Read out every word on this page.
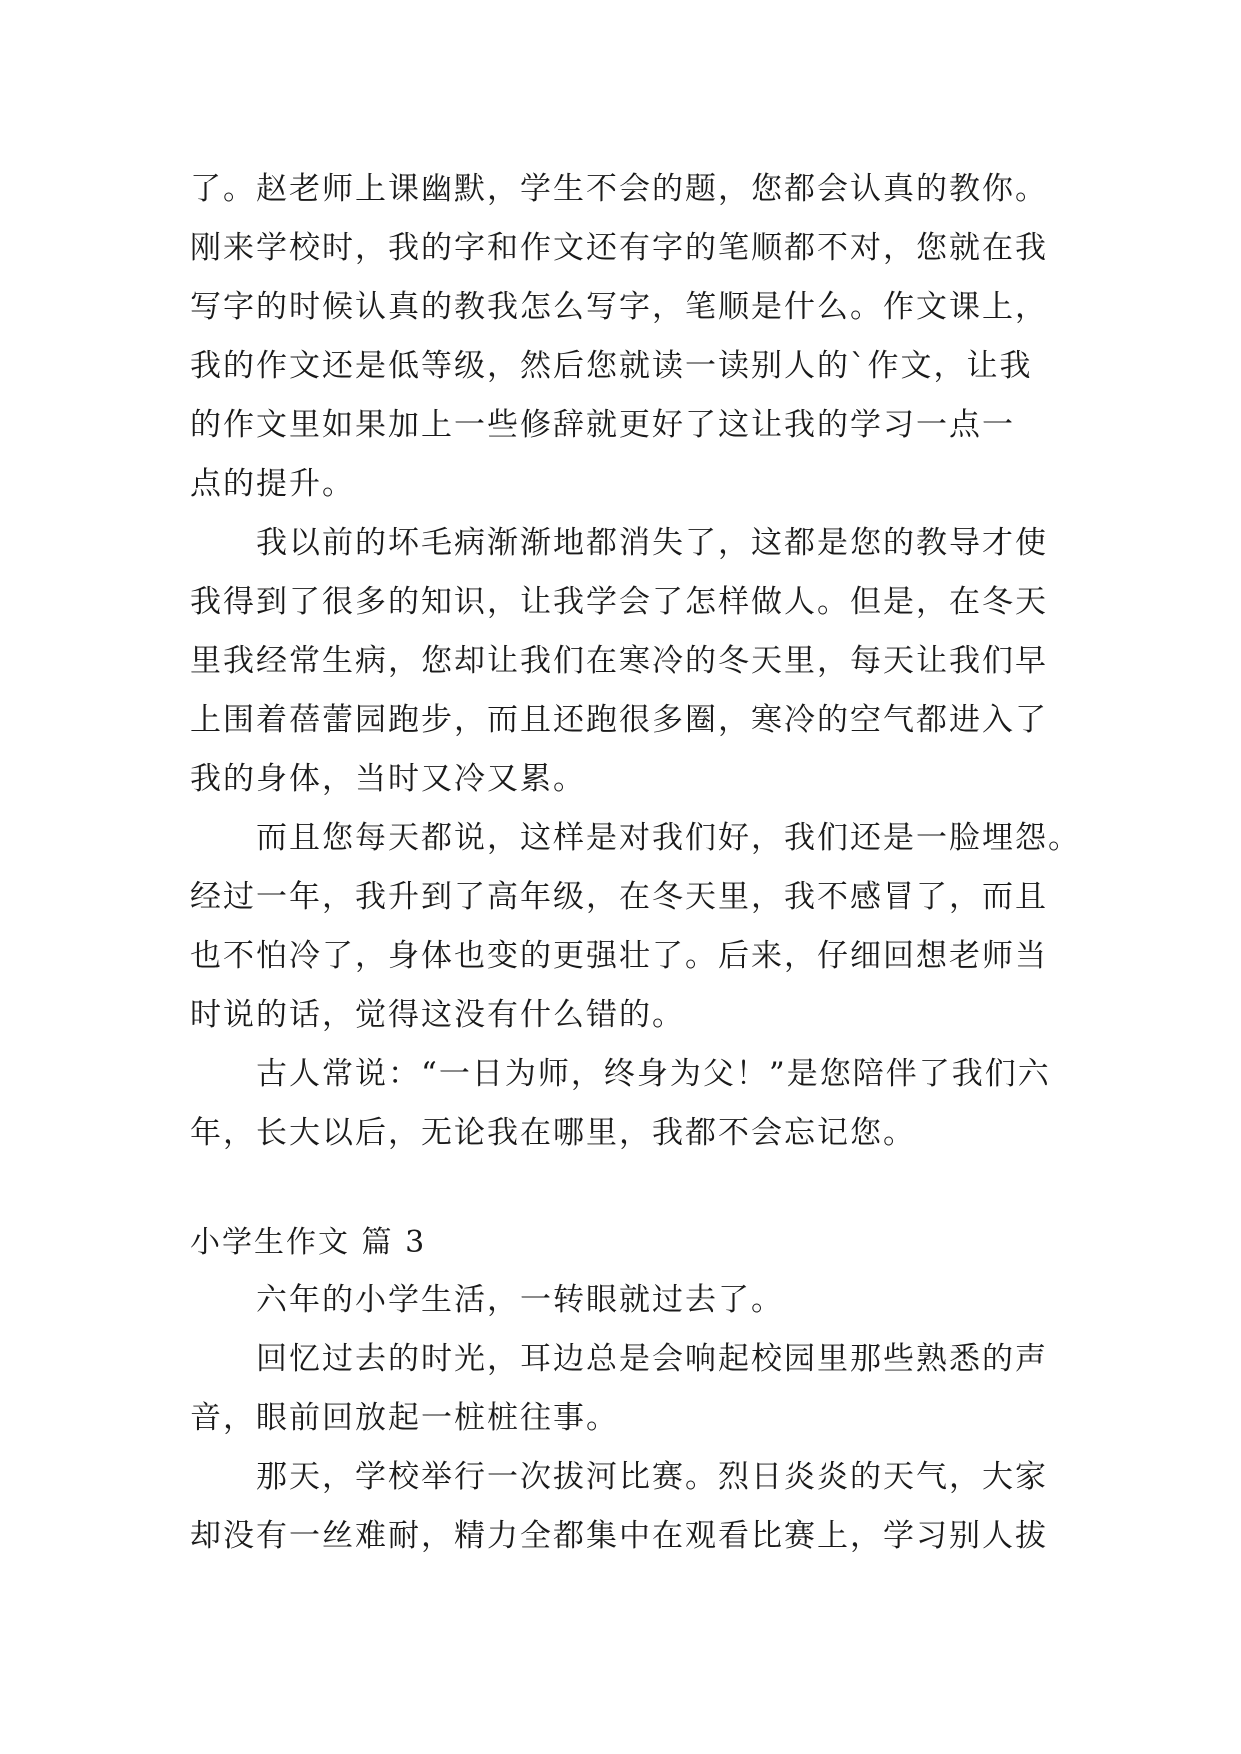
了。赵老师上课幽默，学生不会的题，您都会认真的教你。
刚来学校时，我的字和作文还有字的笔顺都不对，您就在我
写字的时候认真的教我怎么写字，笔顺是什么。作文课上，
我的作文还是低等级，然后您就读一读别人的`作文，让我
的作文里如果加上一些修辞就更好了这让我的学习一点一
点的提升。
我以前的坏毛病渐渐地都消失了，这都是您的教导才使
我得到了很多的知识，让我学会了怎样做人。但是，在冬天
里我经常生病，您却让我们在寒冷的冬天里，每天让我们早
上围着蓓蕾园跑步，而且还跑很多圈，寒冷的空气都进入了
我的身体，当时又冷又累。
而且您每天都说，这样是对我们好，我们还是一脸埋怨。
经过一年，我升到了高年级，在冬天里，我不感冒了，而且
也不怕冷了，身体也变的更强壮了。后来，仔细回想老师当
时说的话，觉得这没有什么错的。
古人常说：“一日为师，终身为父！”是您陪伴了我们六
年，长大以后，无论我在哪里，我都不会忘记您。
小学生作文 篇 3
六年的小学生活，一转眼就过去了。
回忆过去的时光，耳边总是会响起校园里那些熟悉的声
音，眼前回放起一桩桩往事。
那天，学校举行一次拔河比赛。烈日炎炎的天气，大家
却没有一丝难耐，精力全都集中在观看比赛上，学习别人拔
